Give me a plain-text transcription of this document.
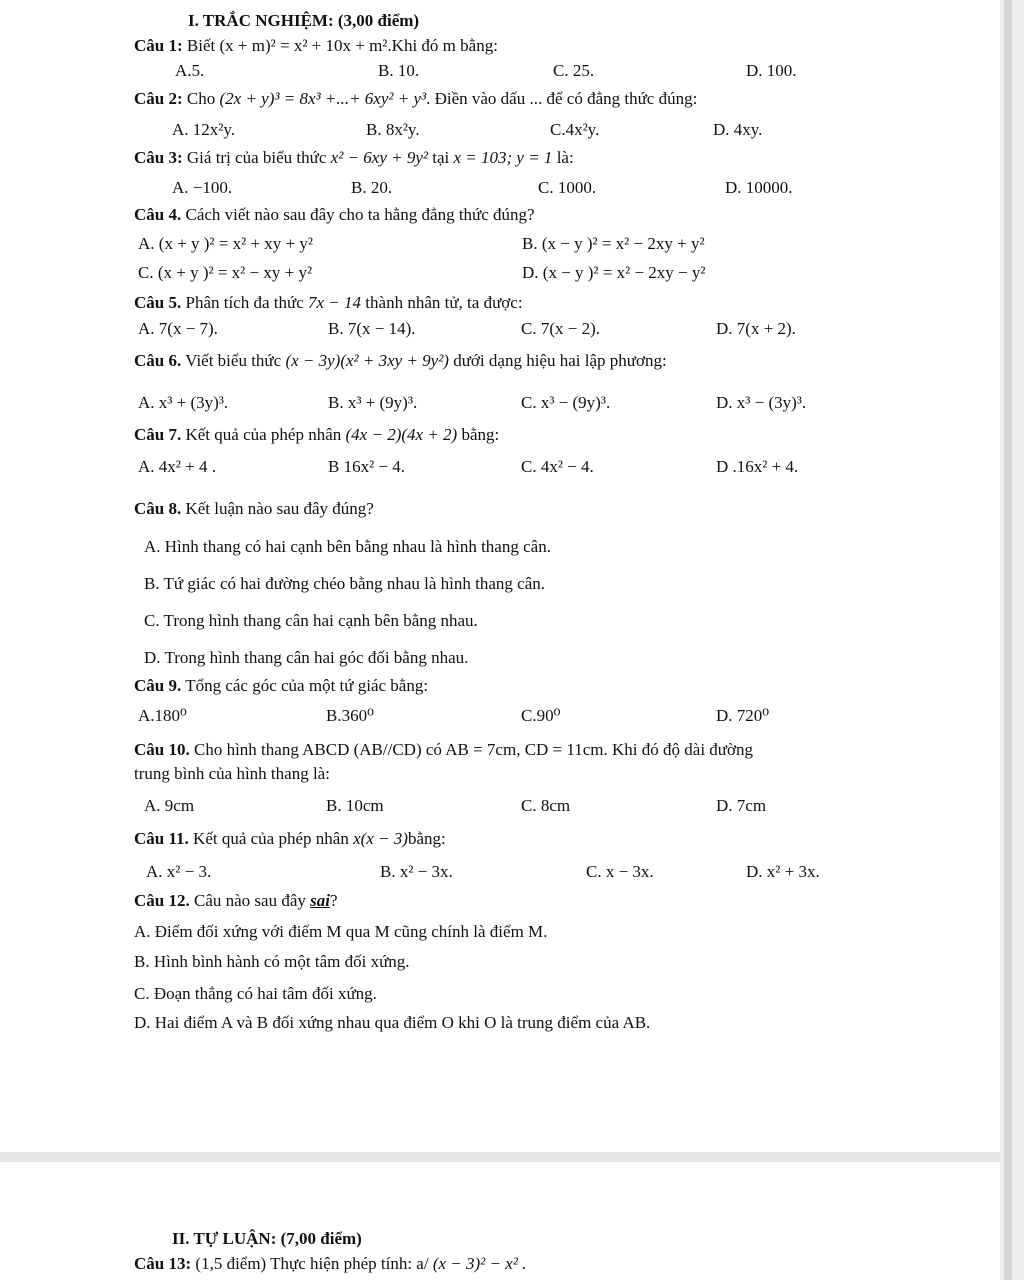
I. TRẮC NGHIỆM: (3,00 điểm)
Câu 1: Biết (x + m)² = x² + 10x + m².Khi đó m bằng:
A.5.	B. 10.	C. 25.	D. 100.
Câu 2: Cho (2x + y)³ = 8x³ +...+ 6xy² + y³. Điền vào dấu ... để có đẳng thức đúng:
A. 12x²y.	B. 8x²y.	C.4x²y.	D. 4xy.
Câu 3: Giá trị của biểu thức x² − 6xy + 9y² tại x = 103; y = 1 là:
A. −100.	B. 20.	C. 1000.	D. 10000.
Câu 4. Cách viết nào sau đây cho ta hằng đẳng thức đúng?
A. (x + y )² = x² + xy + y²	B. (x − y )² = x² − 2xy + y²
C. (x + y )² = x² − xy + y²	D. (x − y )² = x² − 2xy − y²
Câu 5. Phân tích đa thức 7x − 14 thành nhân tử, ta được:
A. 7(x − 7).	B. 7(x − 14).	C. 7(x − 2).	D. 7(x + 2).
Câu 6. Viết biểu thức (x − 3y)(x² + 3xy + 9y²) dưới dạng hiệu hai lập phương:
A. x³ + (3y)³.	B. x³ + (9y)³.	C. x³ − (9y)³.	D. x³ − (3y)³.
Câu 7. Kết quả của phép nhân (4x − 2)(4x + 2) bằng:
A. 4x² + 4 .	B 16x² − 4.	C. 4x² − 4.	D .16x² + 4.
Câu 8. Kết luận nào sau đây đúng?
A. Hình thang có hai cạnh bên bằng nhau là hình thang cân.
B. Tứ giác có hai đường chéo bằng nhau là hình thang cân.
C. Trong hình thang cân hai cạnh bên bằng nhau.
D. Trong hình thang cân hai góc đối bằng nhau.
Câu 9. Tổng các góc của một tứ giác bằng:
A.180⁰	B.360⁰	C.90⁰	D. 720⁰
Câu 10. Cho hình thang ABCD (AB//CD) có AB = 7cm, CD = 11cm. Khi đó độ dài đường
trung bình của hình thang là:
A. 9cm	B. 10cm	C. 8cm	D. 7cm
Câu 11. Kết quả của phép nhân x(x − 3)bằng:
A. x² − 3.	B. x² − 3x.	C. x − 3x.	D. x² + 3x.
Câu 12. Câu nào sau đây sai?
A. Điểm đối xứng với điểm M qua M cũng chính là điểm M.
B. Hình bình hành có một tâm đối xứng.
C. Đoạn thẳng có hai tâm đối xứng.
D. Hai điểm A và B đối xứng nhau qua điểm O khi O là trung điểm của AB.
II. TỰ LUẬN: (7,00 điểm)
Câu 13: (1,5 điểm) Thực hiện phép tính: a/ (x − 3)² − x² .
